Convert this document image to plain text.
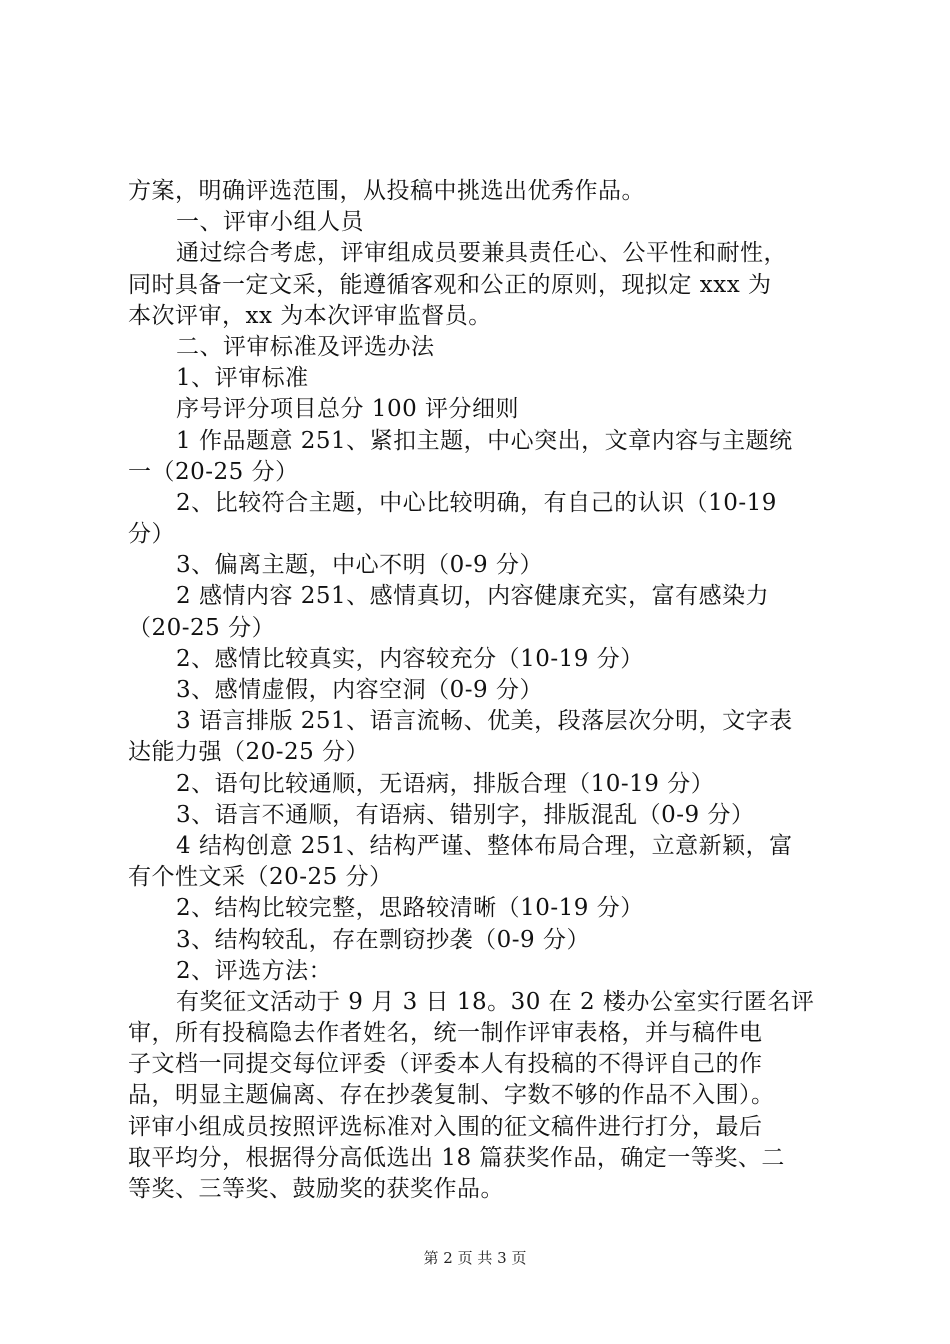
方案，明确评选范围，从投稿中挑选出优秀作品。
一、评审小组人员
通过综合考虑，评审组成员要兼具责任心、公平性和耐性，
同时具备一定文采，能遵循客观和公正的原则，现拟定 xxx 为
本次评审，xx 为本次评审监督员。
二、评审标准及评选办法
1、评审标准
序号评分项目总分 100 评分细则
1 作品题意 251、紧扣主题，中心突出，文章内容与主题统
一（20-25 分）
2、比较符合主题，中心比较明确，有自己的认识（10-19
分）
3、偏离主题，中心不明（0-9 分）
2 感情内容 251、感情真切，内容健康充实，富有感染力
（20-25 分）
2、感情比较真实，内容较充分（10-19 分）
3、感情虚假，内容空洞（0-9 分）
3 语言排版 251、语言流畅、优美，段落层次分明，文字表
达能力强（20-25 分）
2、语句比较通顺，无语病，排版合理（10-19 分）
3、语言不通顺，有语病、错别字，排版混乱（0-9 分）
4 结构创意 251、结构严谨、整体布局合理，立意新颖，富
有个性文采（20-25 分）
2、结构比较完整，思路较清晰（10-19 分）
3、结构较乱，存在剽窃抄袭（0-9 分）
2、评选方法：
有奖征文活动于 9 月 3 日 18。30 在 2 楼办公室实行匿名评
审，所有投稿隐去作者姓名，统一制作评审表格，并与稿件电
子文档一同提交每位评委（评委本人有投稿的不得评自己的作
品，明显主题偏离、存在抄袭复制、字数不够的作品不入围）。
评审小组成员按照评选标准对入围的征文稿件进行打分，最后
取平均分，根据得分高低选出 18 篇获奖作品，确定一等奖、二
等奖、三等奖、鼓励奖的获奖作品。
第 2 页 共 3 页
